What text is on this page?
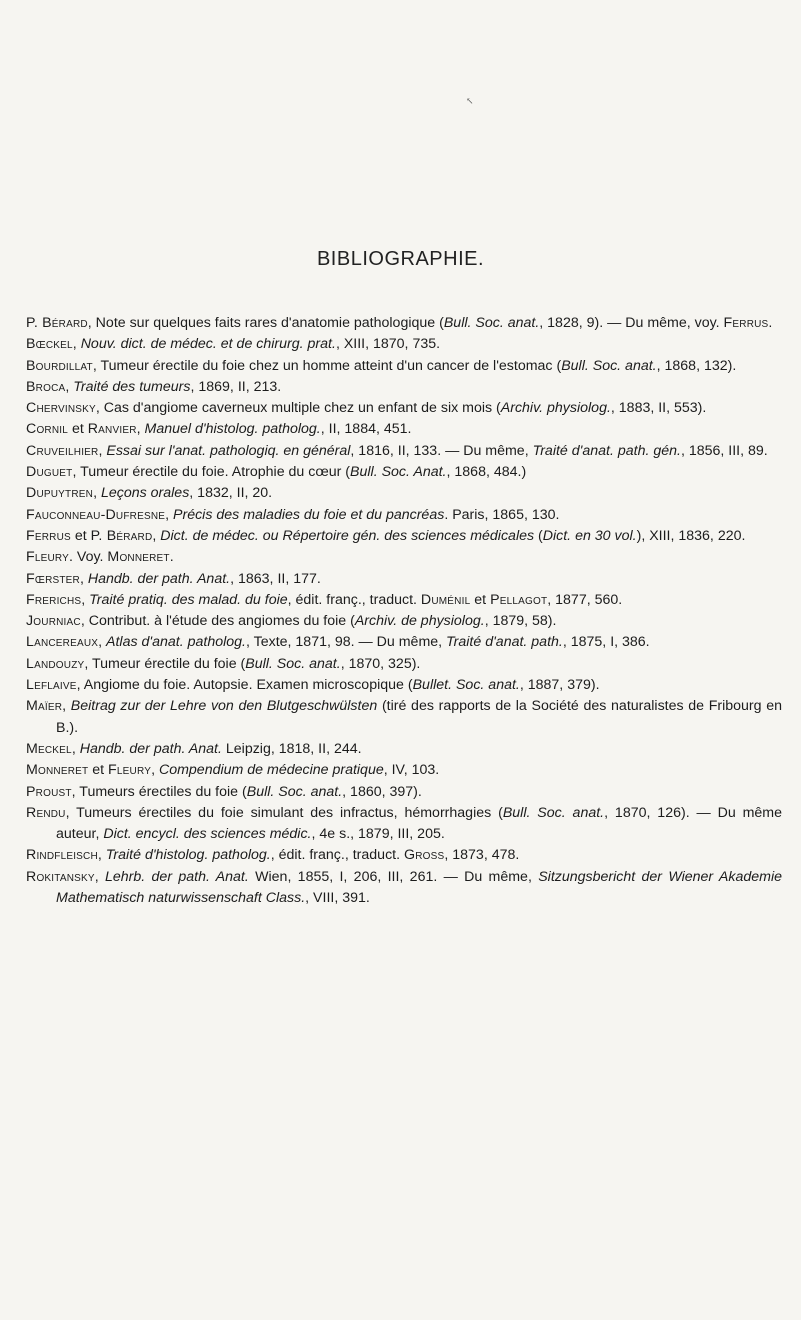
↖
BIBLIOGRAPHIE.

P. Bérard, Note sur quelques faits rares d'anatomie pathologique (Bull. Soc. anat., 1828, 9). — Du même, voy. Ferrus.

Bœckel, Nouv. dict. de médec. et de chirurg. prat., XIII, 1870, 735.

Bourdillat, Tumeur érectile du foie chez un homme atteint d'un cancer de l'estomac (Bull. Soc. anat., 1868, 132).

Broca, Traité des tumeurs, 1869, II, 213.

Chervinsky, Cas d'angiome caverneux multiple chez un enfant de six mois (Archiv. physiolog., 1883, II, 553).

Cornil et Ranvier, Manuel d'histolog. patholog., II, 1884, 451.

Cruveilhier, Essai sur l'anat. pathologiq. en général, 1816, II, 133. — Du même, Traité d'anat. path. gén., 1856, III, 89.

Duguet, Tumeur érectile du foie. Atrophie du cœur (Bull. Soc. Anat., 1868, 484.)

Dupuytren, Leçons orales, 1832, II, 20.

Fauconneau-Dufresne, Précis des maladies du foie et du pancréas. Paris, 1865, 130.

Ferrus et P. Bérard, Dict. de médec. ou Répertoire gén. des sciences médicales (Dict. en 30 vol.), XIII, 1836, 220.

Fleury. Voy. Monneret.

Fœrster, Handb. der path. Anat., 1863, II, 177.

Frerichs, Traité pratiq. des malad. du foie, édit. franç., traduct. Duménil et Pellagot, 1877, 560.

Journiac, Contribut. à l'étude des angiomes du foie (Archiv. de physiolog., 1879, 58).

Lancereaux, Atlas d'anat. patholog., Texte, 1871, 98. — Du même, Traité d'anat. path., 1875, I, 386.

Landouzy, Tumeur érectile du foie (Bull. Soc. anat., 1870, 325).

Leflaive, Angiome du foie. Autopsie. Examen microscopique (Bullet. Soc. anat., 1887, 379).

Maïer, Beitrag zur der Lehre von den Blutgeschwülsten (tiré des rapports de la Société des naturalistes de Fribourg en B.).

Meckel, Handb. der path. Anat. Leipzig, 1818, II, 244.

Monneret et Fleury, Compendium de médecine pratique, IV, 103.

Proust, Tumeurs érectiles du foie (Bull. Soc. anat., 1860, 397).

Rendu, Tumeurs érectiles du foie simulant des infractus, hémorrhagies (Bull. Soc. anat., 1870, 126). — Du même auteur, Dict. encycl. des sciences médic., 4e s., 1879, III, 205.

Rindfleisch, Traité d'histolog. patholog., édit. franç., traduct. Gross, 1873, 478.

Rokitansky, Lehrb. der path. Anat. Wien, 1855, I, 206, III, 261. — Du même, Sitzungsbericht der Wiener Akademie Mathematisch naturwissenschaft Class., VIII, 391.
